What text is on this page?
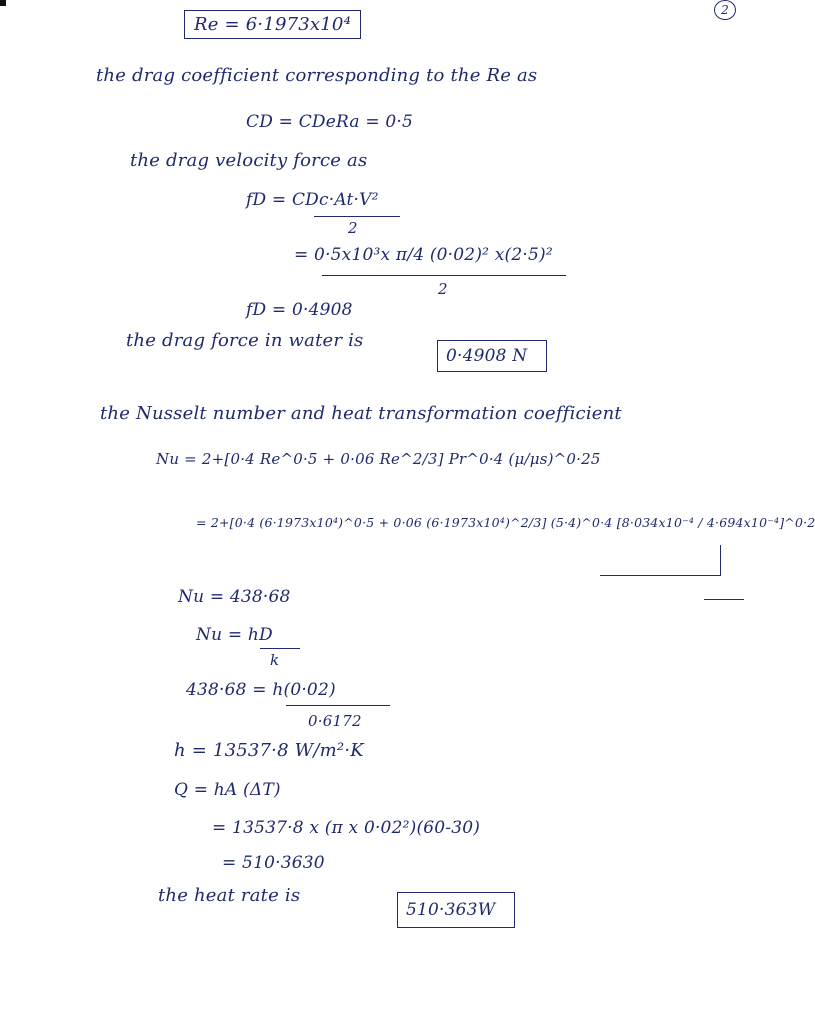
2
Re = 6·1973x10⁴
the drag coefficient corresponding to the Re as
CD = CDeRa = 0·5
the drag velocity force as
fD = CDc·At·V²
2
= 0·5x10³x π/4 (0·02)² x(2·5)²
2
fD = 0·4908
the drag force in water is
0·4908 N
the Nusselt number and heat transformation coefficient
Nu = 2+[0·4 Re^0·5 + 0·06 Re^2/3] Pr^0·4 (μ/μs)^0·25
= 2+[0·4 (6·1973x10⁴)^0·5 + 0·06 (6·1973x10⁴)^2/3] (5·4)^0·4 [8·034x10⁻⁴ / 4·694x10⁻⁴]^0·2
Nu = 438·68
Nu = hD
k
438·68 = h(0·02)
0·6172
h = 13537·8 W/m²·K
Q = hA (ΔT)
= 13537·8 x (π x 0·02²)(60-30)
= 510·3630
the heat rate is
510·363W
